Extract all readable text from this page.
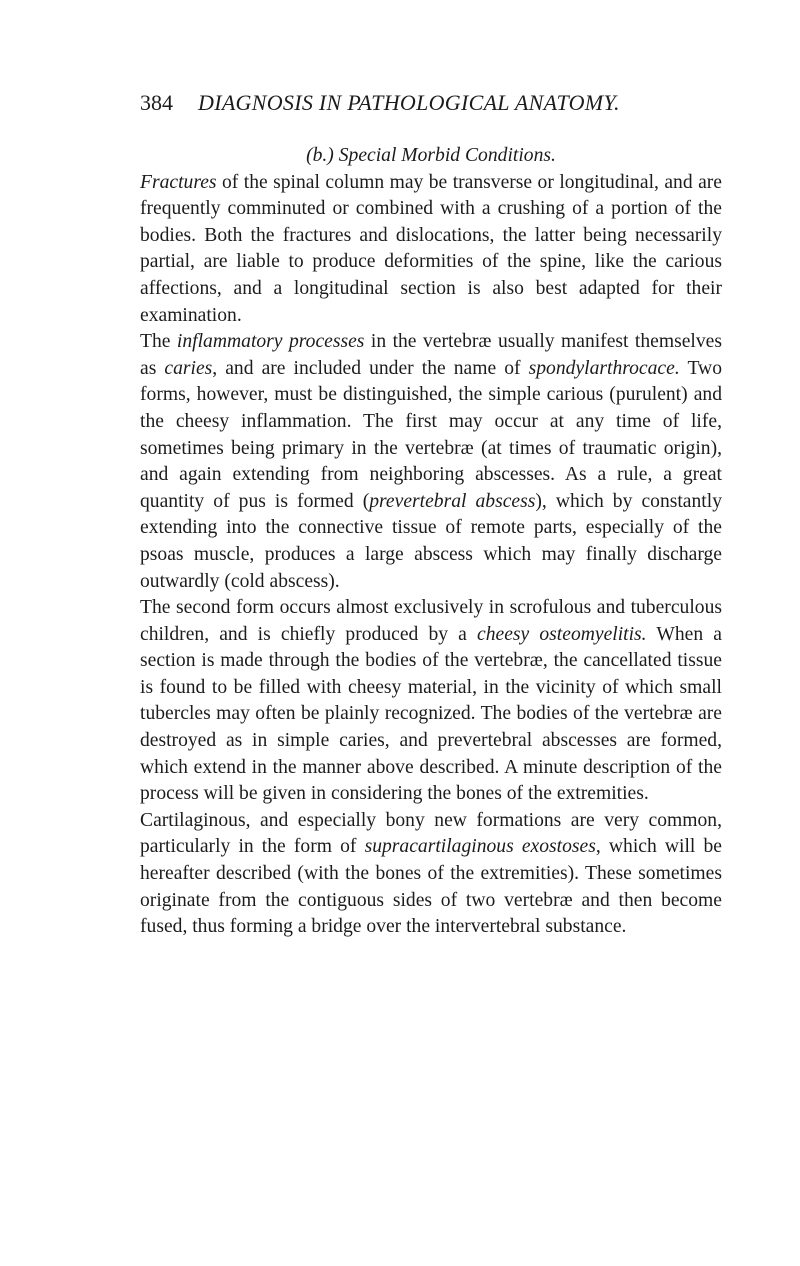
384 DIAGNOSIS IN PATHOLOGICAL ANATOMY.
(b.) Special Morbid Conditions.

Fractures of the spinal column may be transverse or longitudinal, and are frequently comminuted or combined with a crushing of a portion of the bodies. Both the fractures and dislocations, the latter being necessarily partial, are liable to produce deformities of the spine, like the carious affections, and a longitudinal section is also best adapted for their examination.

The inflammatory processes in the vertebræ usually manifest themselves as caries, and are included under the name of spondylarthrocace. Two forms, however, must be distinguished, the simple carious (purulent) and the cheesy inflammation. The first may occur at any time of life, sometimes being primary in the vertebræ (at times of traumatic origin), and again extending from neighboring abscesses. As a rule, a great quantity of pus is formed (prevertebral abscess), which by constantly extending into the connective tissue of remote parts, especially of the psoas muscle, produces a large abscess which may finally discharge outwardly (cold abscess).

The second form occurs almost exclusively in scrofulous and tuberculous children, and is chiefly produced by a cheesy osteomyelitis. When a section is made through the bodies of the vertebræ, the cancellated tissue is found to be filled with cheesy material, in the vicinity of which small tubercles may often be plainly recognized. The bodies of the vertebræ are destroyed as in simple caries, and prevertebral abscesses are formed, which extend in the manner above described. A minute description of the process will be given in considering the bones of the extremities.

Cartilaginous, and especially bony new formations are very common, particularly in the form of supracartilaginous exostoses, which will be hereafter described (with the bones of the extremities). These sometimes originate from the contiguous sides of two vertebræ and then become fused, thus forming a bridge over the intervertebral substance.
